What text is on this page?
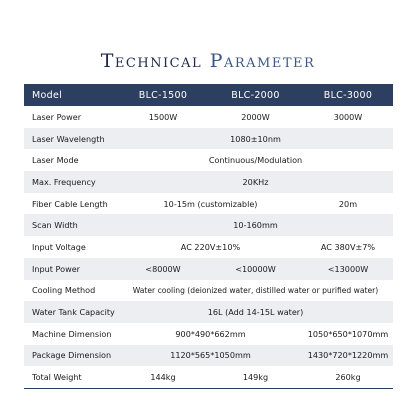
Technical Parameter
Model	BLC-1500	BLC-2000	BLC-3000
Laser Power	1500W	2000W	3000W
Laser Wavelength	1080±10nm		
Laser Mode	Continuous/Modulation		
Max. Frequency	20KHz		
Fiber Cable Length	10-15m (customizable)		20m
Scan Width	10-160mm		
Input Voltage	AC 220V±10%		AC 380V±7%
Input Power	<8000W	<10000W	<13000W
Cooling Method	Water cooling (deionized water, distilled water or purified water)		
Water Tank Capacity	16L (Add 14-15L water)		
Machine Dimension	900*490*662mm		1050*650*1070mm
Package Dimension	1120*565*1050mm		1430*720*1220mm
Total Weight	144kg	149kg	260kg
